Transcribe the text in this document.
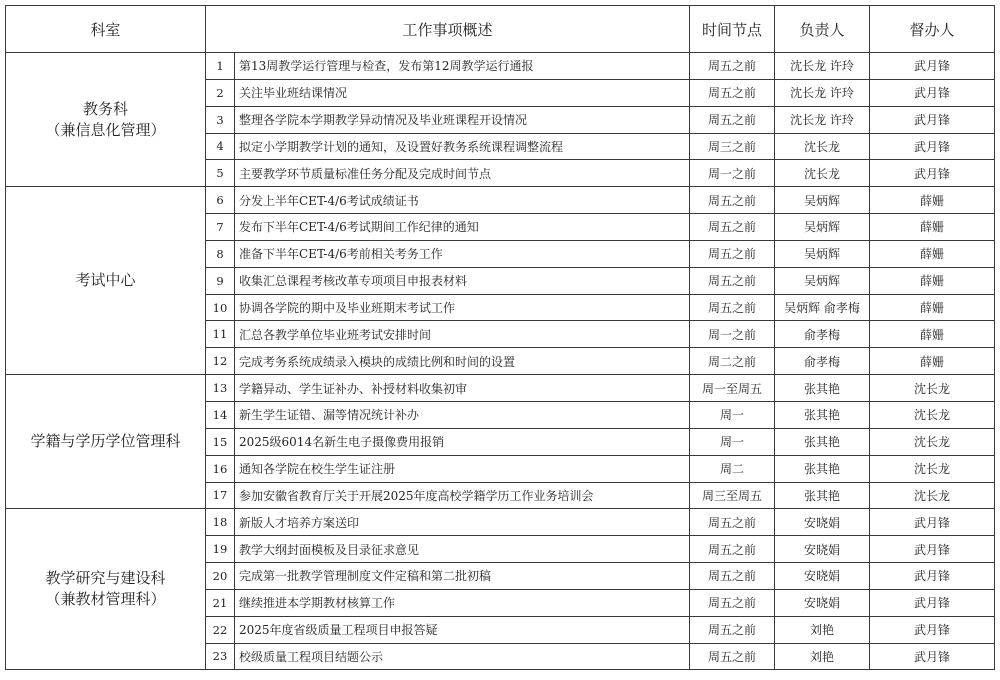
科室	工作事项概述		时间节点	负责人	督办人

教务科
（兼信息化管理）	1	第13周教学运行管理与检查，发布第12周教学运行通报	周五之前	沈长龙 许玲	武月锋
	2	关注毕业班结课情况	周五之前	沈长龙 许玲	武月锋
	3	整理各学院本学期教学异动情况及毕业班课程开设情况	周五之前	沈长龙 许玲	武月锋
	4	拟定小学期教学计划的通知，及设置好教务系统课程调整流程	周三之前	沈长龙	武月锋
	5	主要教学环节质量标准任务分配及完成时间节点	周一之前	沈长龙	武月锋

考试中心	6	分发上半年CET-4/6考试成绩证书	周五之前	吴炳辉	薛姗
	7	发布下半年CET-4/6考试期间工作纪律的通知	周五之前	吴炳辉	薛姗
	8	准备下半年CET-4/6考前相关考务工作	周五之前	吴炳辉	薛姗
	9	收集汇总课程考核改革专项项目申报表材料	周五之前	吴炳辉	薛姗
	10	协调各学院的期中及毕业班期末考试工作	周五之前	吴炳辉 俞孝梅	薛姗
	11	汇总各教学单位毕业班考试安排时间	周一之前	俞孝梅	薛姗
	12	完成考务系统成绩录入模块的成绩比例和时间的设置	周二之前	俞孝梅	薛姗

学籍与学历学位管理科	13	学籍异动、学生证补办、补授材料收集初审	周一至周五	张其艳	沈长龙
	14	新生学生证错、漏等情况统计补办	周一	张其艳	沈长龙
	15	2025级6014名新生电子摄像费用报销	周一	张其艳	沈长龙
	16	通知各学院在校生学生证注册	周二	张其艳	沈长龙
	17	参加安徽省教育厅关于开展2025年度高校学籍学历工作业务培训会	周三至周五	张其艳	沈长龙

教学研究与建设科
（兼教材管理科）	18	新版人才培养方案送印	周五之前	安晓娟	武月锋
	19	教学大纲封面模板及目录征求意见	周五之前	安晓娟	武月锋
	20	完成第一批教学管理制度文件定稿和第二批初稿	周五之前	安晓娟	武月锋
	21	继续推进本学期教材核算工作	周五之前	安晓娟	武月锋
	22	2025年度省级质量工程项目申报答疑	周五之前	刘艳	武月锋
	23	校级质量工程项目结题公示	周五之前	刘艳	武月锋
